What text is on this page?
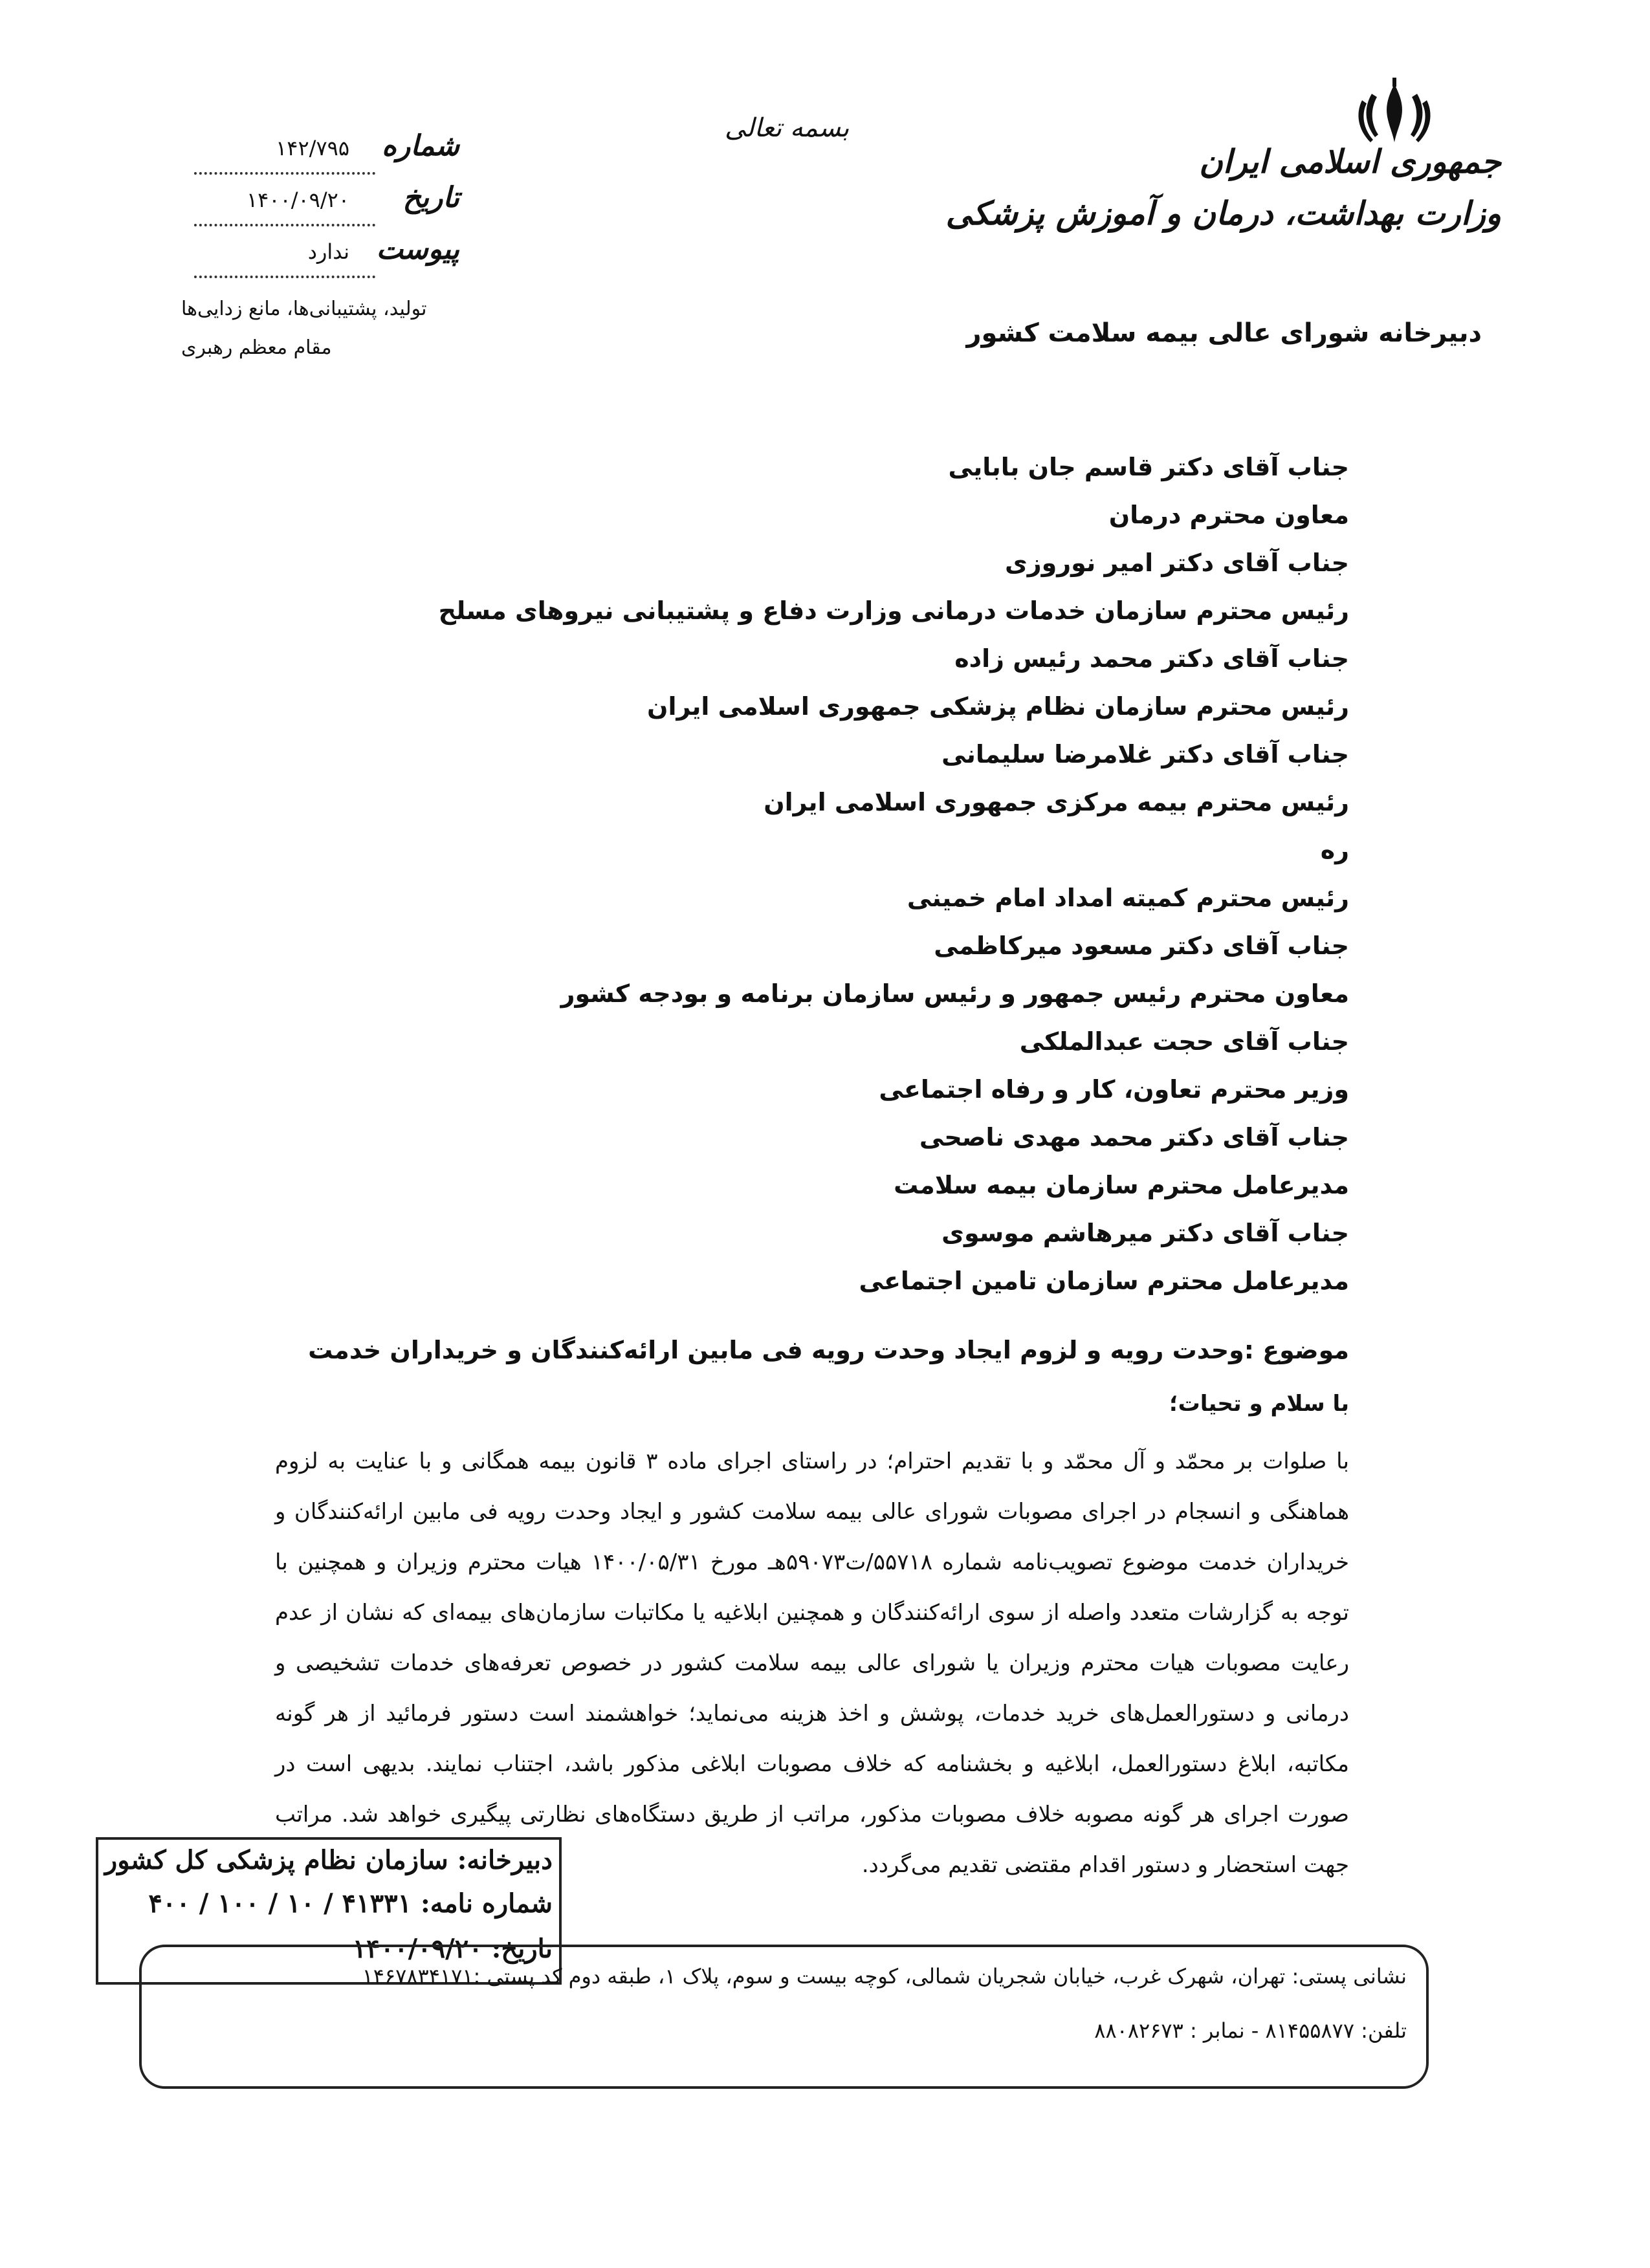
جمهوری اسلامی ایران
وزارت بهداشت، درمان و آموزش پزشکی
دبیرخانه شورای عالی بیمه سلامت کشور
بسمه تعالی
شماره
۱۴۲/۷۹۵
تاریخ
۱۴۰۰/۰۹/۲۰
پیوست
ندارد
تولید، پشتیبانی‌ها، مانع زدایی‌ها
مقام معظم رهبری
جناب آقای دکتر قاسم جان بابایی
معاون محترم درمان
جناب آقای دکتر امیر نوروزی
رئیس محترم سازمان خدمات درمانی وزارت دفاع و پشتیبانی نیروهای مسلح
جناب آقای دکتر محمد رئیس زاده
رئیس محترم سازمان نظام پزشکی جمهوری اسلامی ایران
جناب آقای دکتر غلامرضا سلیمانی
رئیس محترم بیمه مرکزی جمهوری اسلامی ایران
ره
رئیس محترم کمیته امداد امام خمینی
جناب آقای دکتر مسعود میرکاظمی
معاون محترم رئیس جمهور و رئیس سازمان برنامه و بودجه کشور
جناب آقای حجت عبدالملکی
وزیر محترم تعاون، کار و رفاه اجتماعی
جناب آقای دکتر محمد مهدی ناصحی
مدیرعامل محترم سازمان بیمه سلامت
جناب آقای دکتر میرهاشم موسوی
مدیرعامل محترم سازمان تامین اجتماعی
موضوع :وحدت رویه و لزوم ایجاد وحدت رویه فی مابین ارائه‌کنندگان و خریداران خدمت
با سلام و تحیات؛

با صلوات بر محمّد و آل محمّد و با تقدیم احترام؛ در راستای اجرای ماده ۳ قانون بیمه همگانی و با عنایت به لزوم هماهنگی و انسجام در اجرای مصوبات شورای عالی بیمه سلامت کشور و ایجاد وحدت رویه فی مابین ارائه‌کنندگان و خریداران خدمت موضوع تصویب‌نامه شماره ۵۵۷۱۸/ت۵۹۰۷۳هـ مورخ ۱۴۰۰/۰۵/۳۱ هیات محترم وزیران و همچنین با توجه به گزارشات متعدد واصله از سوی ارائه‌کنندگان و همچنین ابلاغیه یا مکاتبات سازمان‌های بیمه‌ای که نشان از عدم رعایت مصوبات هیات محترم وزیران یا شورای عالی بیمه سلامت کشور در خصوص تعرفه‌های خدمات تشخیصی و درمانی و دستورالعمل‌های خرید خدمات، پوشش و اخذ هزینه می‌نماید؛ خواهشمند است دستور فرمائید از هر گونه مکاتبه، ابلاغ دستورالعمل، ابلاغیه و بخشنامه که خلاف مصوبات ابلاغی مذکور باشد، اجتناب نمایند. بدیهی است در صورت اجرای هر گونه مصوبه خلاف مصوبات مذکور، مراتب از طریق دستگاه‌های نظارتی پیگیری خواهد شد. مراتب جهت استحضار و دستور اقدام مقتضی تقدیم می‌گردد.

دبیرخانه: سازمان نظام پزشکی کل کشور
شماره نامه: ۴۱۳۳۱ / ۱۰ / ۱۰۰ / ۴۰۰
تاریخ: ۱۴۰۰/۰۹/۲۰
نشانی پستی: تهران، شهرک غرب، خیابان شجریان شمالی، کوچه بیست و سوم، پلاک ۱، طبقه دوم کد پستی :۱۴۶۷۸۳۴۱۷۱
تلفن: ۸۱۴۵۵۸۷۷ - نمابر : ۸۸۰۸۲۶۷۳
